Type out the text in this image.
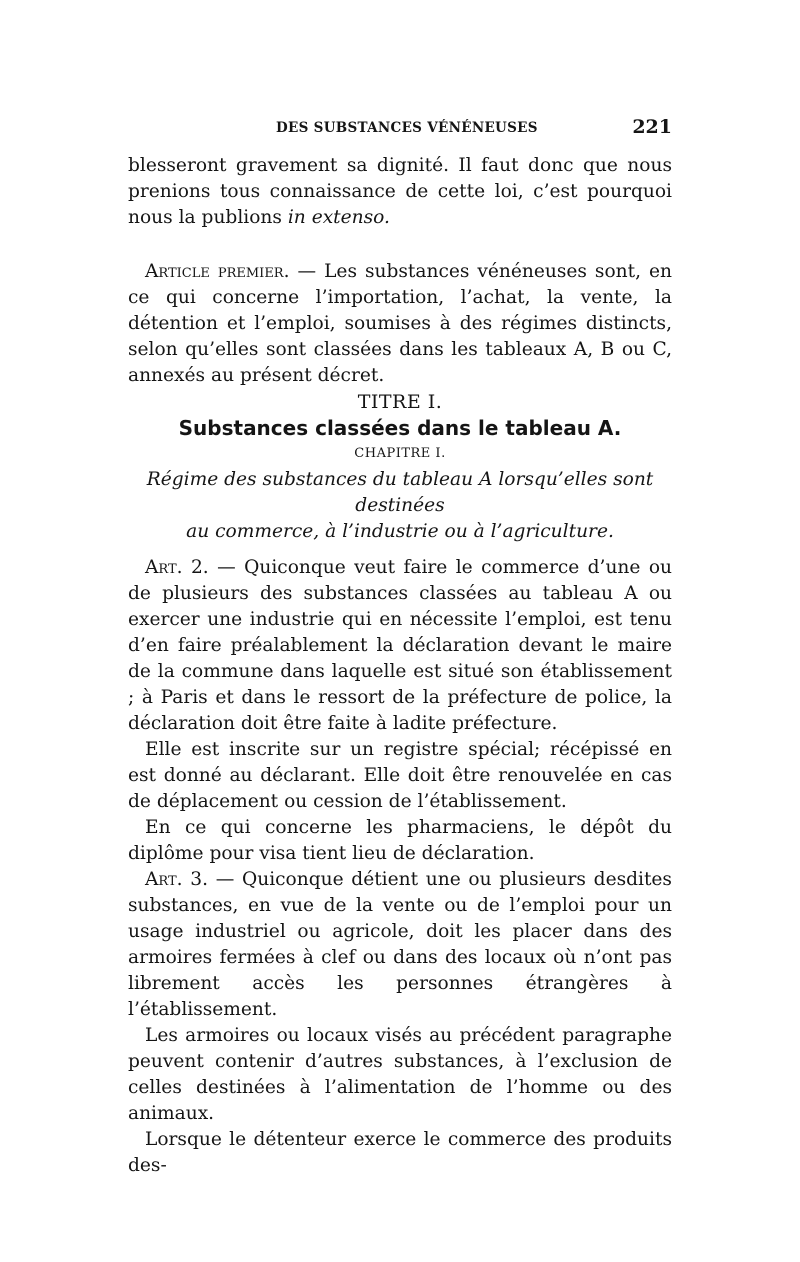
DES SUBSTANCES VÉNÉNEUSES	221

blesseront gravement sa dignité. Il faut donc que nous prenions tous connaissance de cette loi, c’est pourquoi nous la publions in extenso.

Article premier. — Les substances vénéneuses sont, en ce qui concerne l’importation, l’achat, la vente, la détention et l’emploi, soumises à des régimes distincts, selon qu’elles sont classées dans les tableaux A, B ou C, annexés au présent décret.

TITRE I.

Substances classées dans le tableau A.

CHAPITRE I.

Régime des substances du tableau A lorsqu’elles sont destinées
au commerce, à l’industrie ou à l’agriculture.

Art. 2. — Quiconque veut faire le commerce d’une ou de plusieurs des substances classées au tableau A ou exercer une industrie qui en nécessite l’emploi, est tenu d’en faire préalablement la déclaration devant le maire de la commune dans laquelle est situé son établissement ; à Paris et dans le ressort de la préfecture de police, la déclaration doit être faite à ladite préfecture.

Elle est inscrite sur un registre spécial; récépissé en est donné au déclarant. Elle doit être renouvelée en cas de déplacement ou cession de l’établissement.

En ce qui concerne les pharmaciens, le dépôt du diplôme pour visa tient lieu de déclaration.

Art. 3. — Quiconque détient une ou plusieurs desdites substances, en vue de la vente ou de l’emploi pour un usage industriel ou agricole, doit les placer dans des armoires fermées à clef ou dans des locaux où n’ont pas librement accès les personnes étrangères à l’établissement.

Les armoires ou locaux visés au précédent paragraphe peuvent contenir d’autres substances, à l’exclusion de celles destinées à l’alimentation de l’homme ou des animaux.

Lorsque le détenteur exerce le commerce des produits des-
